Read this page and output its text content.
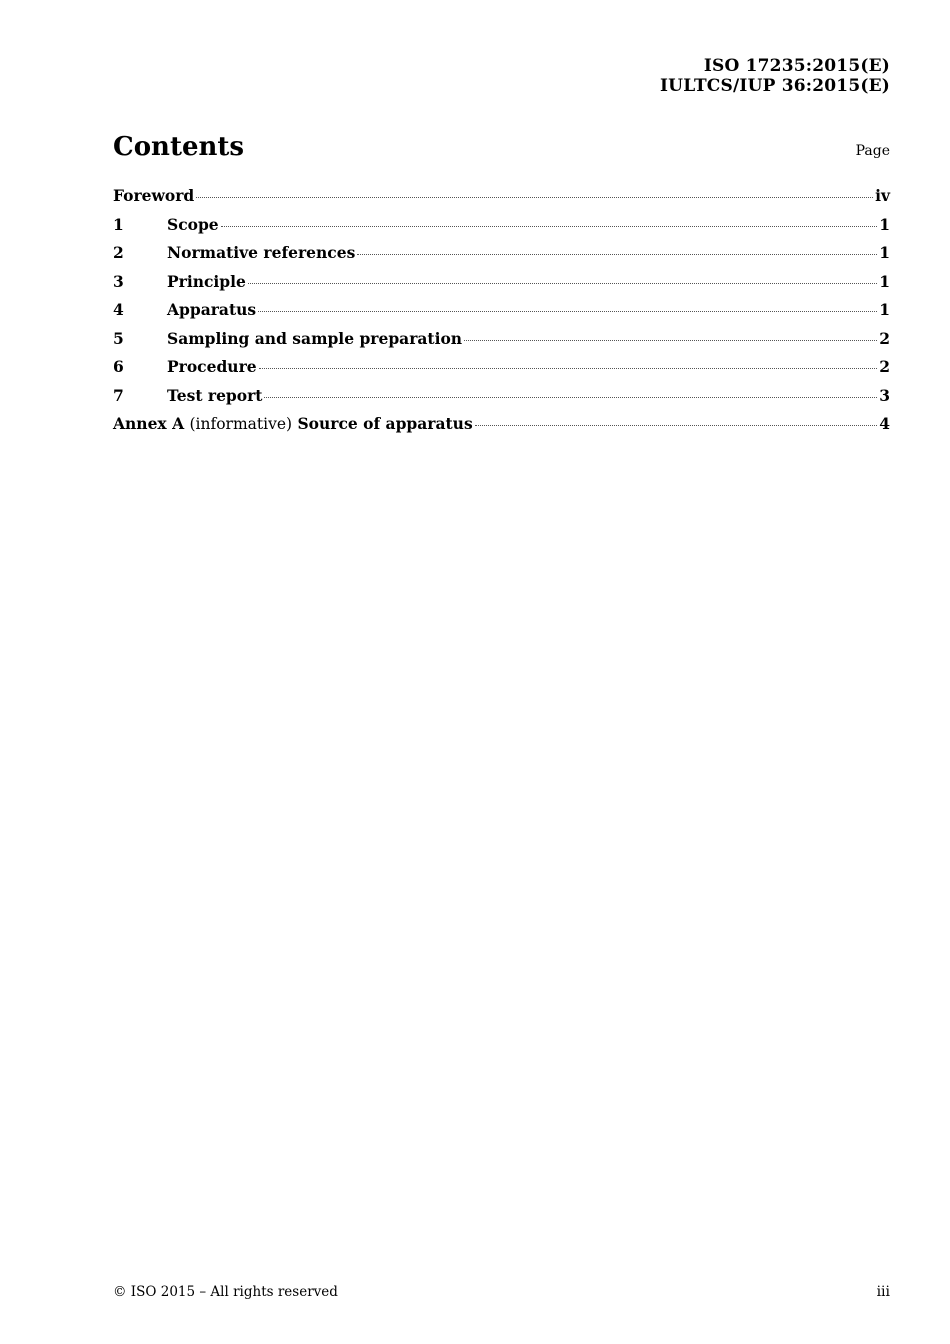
ISO 17235:2015(E)
IULTCS/IUP 36:2015(E)
Contents	Page
Foreword	iv
1	Scope	1
2	Normative references	1
3	Principle	1
4	Apparatus	1
5	Sampling and sample preparation	2
6	Procedure	2
7	Test report	3
Annex A (informative) Source of apparatus	4
© ISO 2015 – All rights reserved	iii
